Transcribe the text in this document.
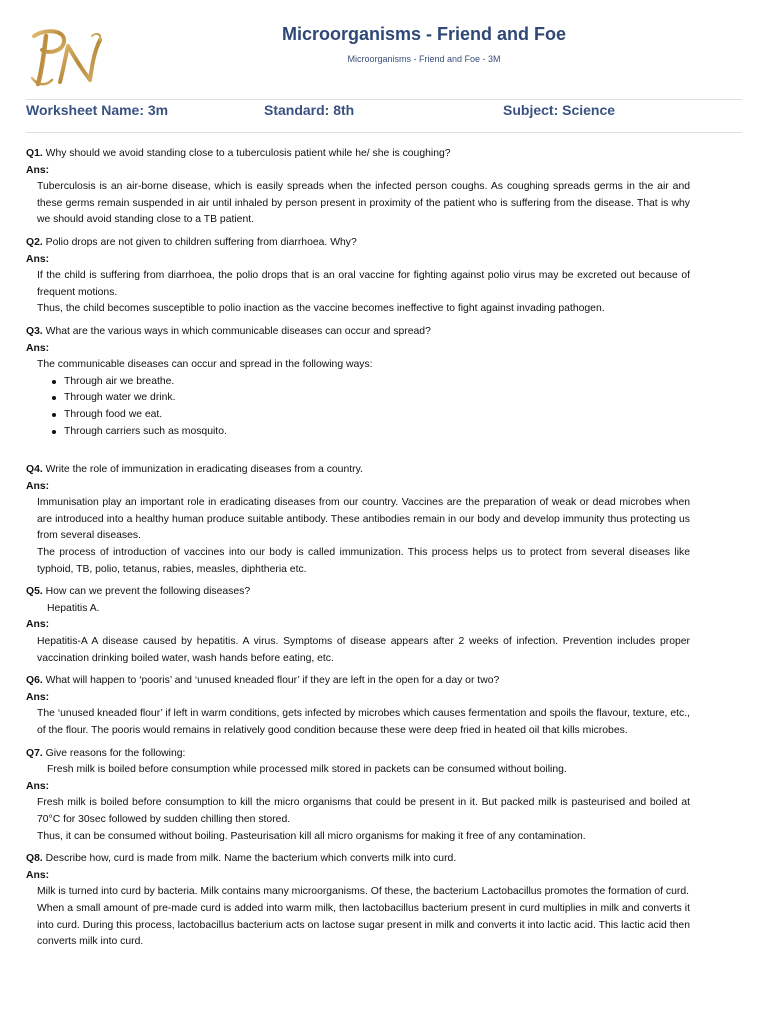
Microorganisms - Friend and Foe
Microorganisms - Friend and Foe - 3M
Worksheet Name: 3m	Standard: 8th	Subject: Science
Q1. Why should we avoid standing close to a tuberculosis patient while he/ she is coughing?
Ans:
Tuberculosis is an air-borne disease, which is easily spreads when the infected person coughs. As coughing spreads germs in the air and these germs remain suspended in air until inhaled by person present in proximity of the patient who is suffering from the disease. That is why we should avoid standing close to a TB patient.
Q2. Polio drops are not given to children suffering from diarrhoea. Why?
Ans:
If the child is suffering from diarrhoea, the polio drops that is an oral vaccine for fighting against polio virus may be excreted out because of frequent motions.
Thus, the child becomes susceptible to polio inaction as the vaccine becomes ineffective to fight against invading pathogen.
Q3. What are the various ways in which communicable diseases can occur and spread?
Ans:
The communicable diseases can occur and spread in the following ways:
Through air we breathe.
Through water we drink.
Through food we eat.
Through carriers such as mosquito.
Q4. Write the role of immunization in eradicating diseases from a country.
Ans:
Immunisation play an important role in eradicating diseases from our country. Vaccines are the preparation of weak or dead microbes when are introduced into a healthy human produce suitable antibody. These antibodies remain in our body and develop immunity thus protecting us from several diseases.
The process of introduction of vaccines into our body is called immunization. This process helps us to protect from several diseases like typhoid, TB, polio, tetanus, rabies, measles, diphtheria etc.
Q5. How can we prevent the following diseases?
Hepatitis A.
Ans:
Hepatitis-A A disease caused by hepatitis. A virus. Symptoms of disease appears after 2 weeks of infection. Prevention includes proper vaccination drinking boiled water, wash hands before eating, etc.
Q6. What will happen to ‘pooris’ and ‘unused kneaded flour’ if they are left in the open for a day or two?
Ans:
The ‘unused kneaded flour’ if left in warm conditions, gets infected by microbes which causes fermentation and spoils the flavour, texture, etc., of the flour. The pooris would remains in relatively good condition because these were deep fried in heated oil that kills microbes.
Q7. Give reasons for the following:
Fresh milk is boiled before consumption while processed milk stored in packets can be consumed without boiling.
Ans:
Fresh milk is boiled before consumption to kill the micro organisms that could be present in it. But packed milk is pasteurised and boiled at 70°C for 30sec followed by sudden chilling then stored.
Thus, it can be consumed without boiling. Pasteurisation kill all micro organisms for making it free of any contamination.
Q8. Describe how, curd is made from milk. Name the bacterium which converts milk into curd.
Ans:
Milk is turned into curd by bacteria. Milk contains many microorganisms. Of these, the bacterium Lactobacillus promotes the formation of curd.
When a small amount of pre-made curd is added into warm milk, then lactobacillus bacterium present in curd multiplies in milk and converts it into curd. During this process, lactobacillus bacterium acts on lactose sugar present in milk and converts it into lactic acid. This lactic acid then converts milk into curd.
